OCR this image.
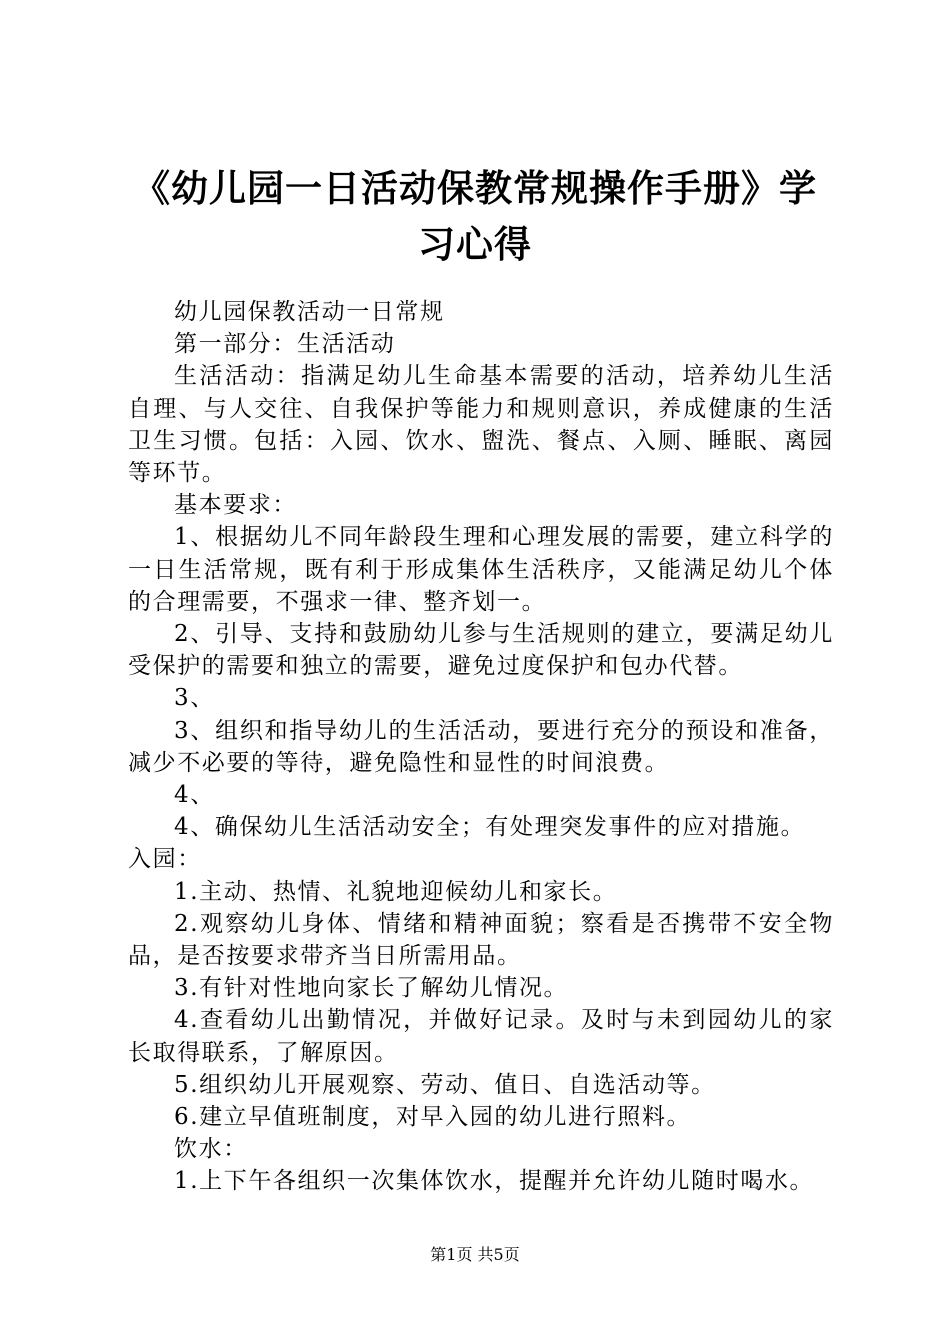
《幼儿园一日活动保教常规操作手册》学习心得

幼儿园保教活动一日常规

第一部分：生活活动

生活活动：指满足幼儿生命基本需要的活动，培养幼儿生活自理、与人交往、自我保护等能力和规则意识，养成健康的生活卫生习惯。包括：入园、饮水、盥洗、餐点、入厕、睡眠、离园等环节。

基本要求：

1、根据幼儿不同年龄段生理和心理发展的需要，建立科学的一日生活常规，既有利于形成集体生活秩序，又能满足幼儿个体的合理需要，不强求一律、整齐划一。

2、引导、支持和鼓励幼儿参与生活规则的建立，要满足幼儿受保护的需要和独立的需要，避免过度保护和包办代替。

3、

3、组织和指导幼儿的生活活动，要进行充分的预设和准备，减少不必要的等待，避免隐性和显性的时间浪费。

4、

4、确保幼儿生活活动安全；有处理突发事件的应对措施。

入园：

1.主动、热情、礼貌地迎候幼儿和家长。

2.观察幼儿身体、情绪和精神面貌；察看是否携带不安全物品，是否按要求带齐当日所需用品。

3.有针对性地向家长了解幼儿情况。

4.查看幼儿出勤情况，并做好记录。及时与未到园幼儿的家长取得联系，了解原因。

5.组织幼儿开展观察、劳动、值日、自选活动等。

6.建立早值班制度，对早入园的幼儿进行照料。

饮水：

1.上下午各组织一次集体饮水，提醒并允许幼儿随时喝水。

第1页 共5页
